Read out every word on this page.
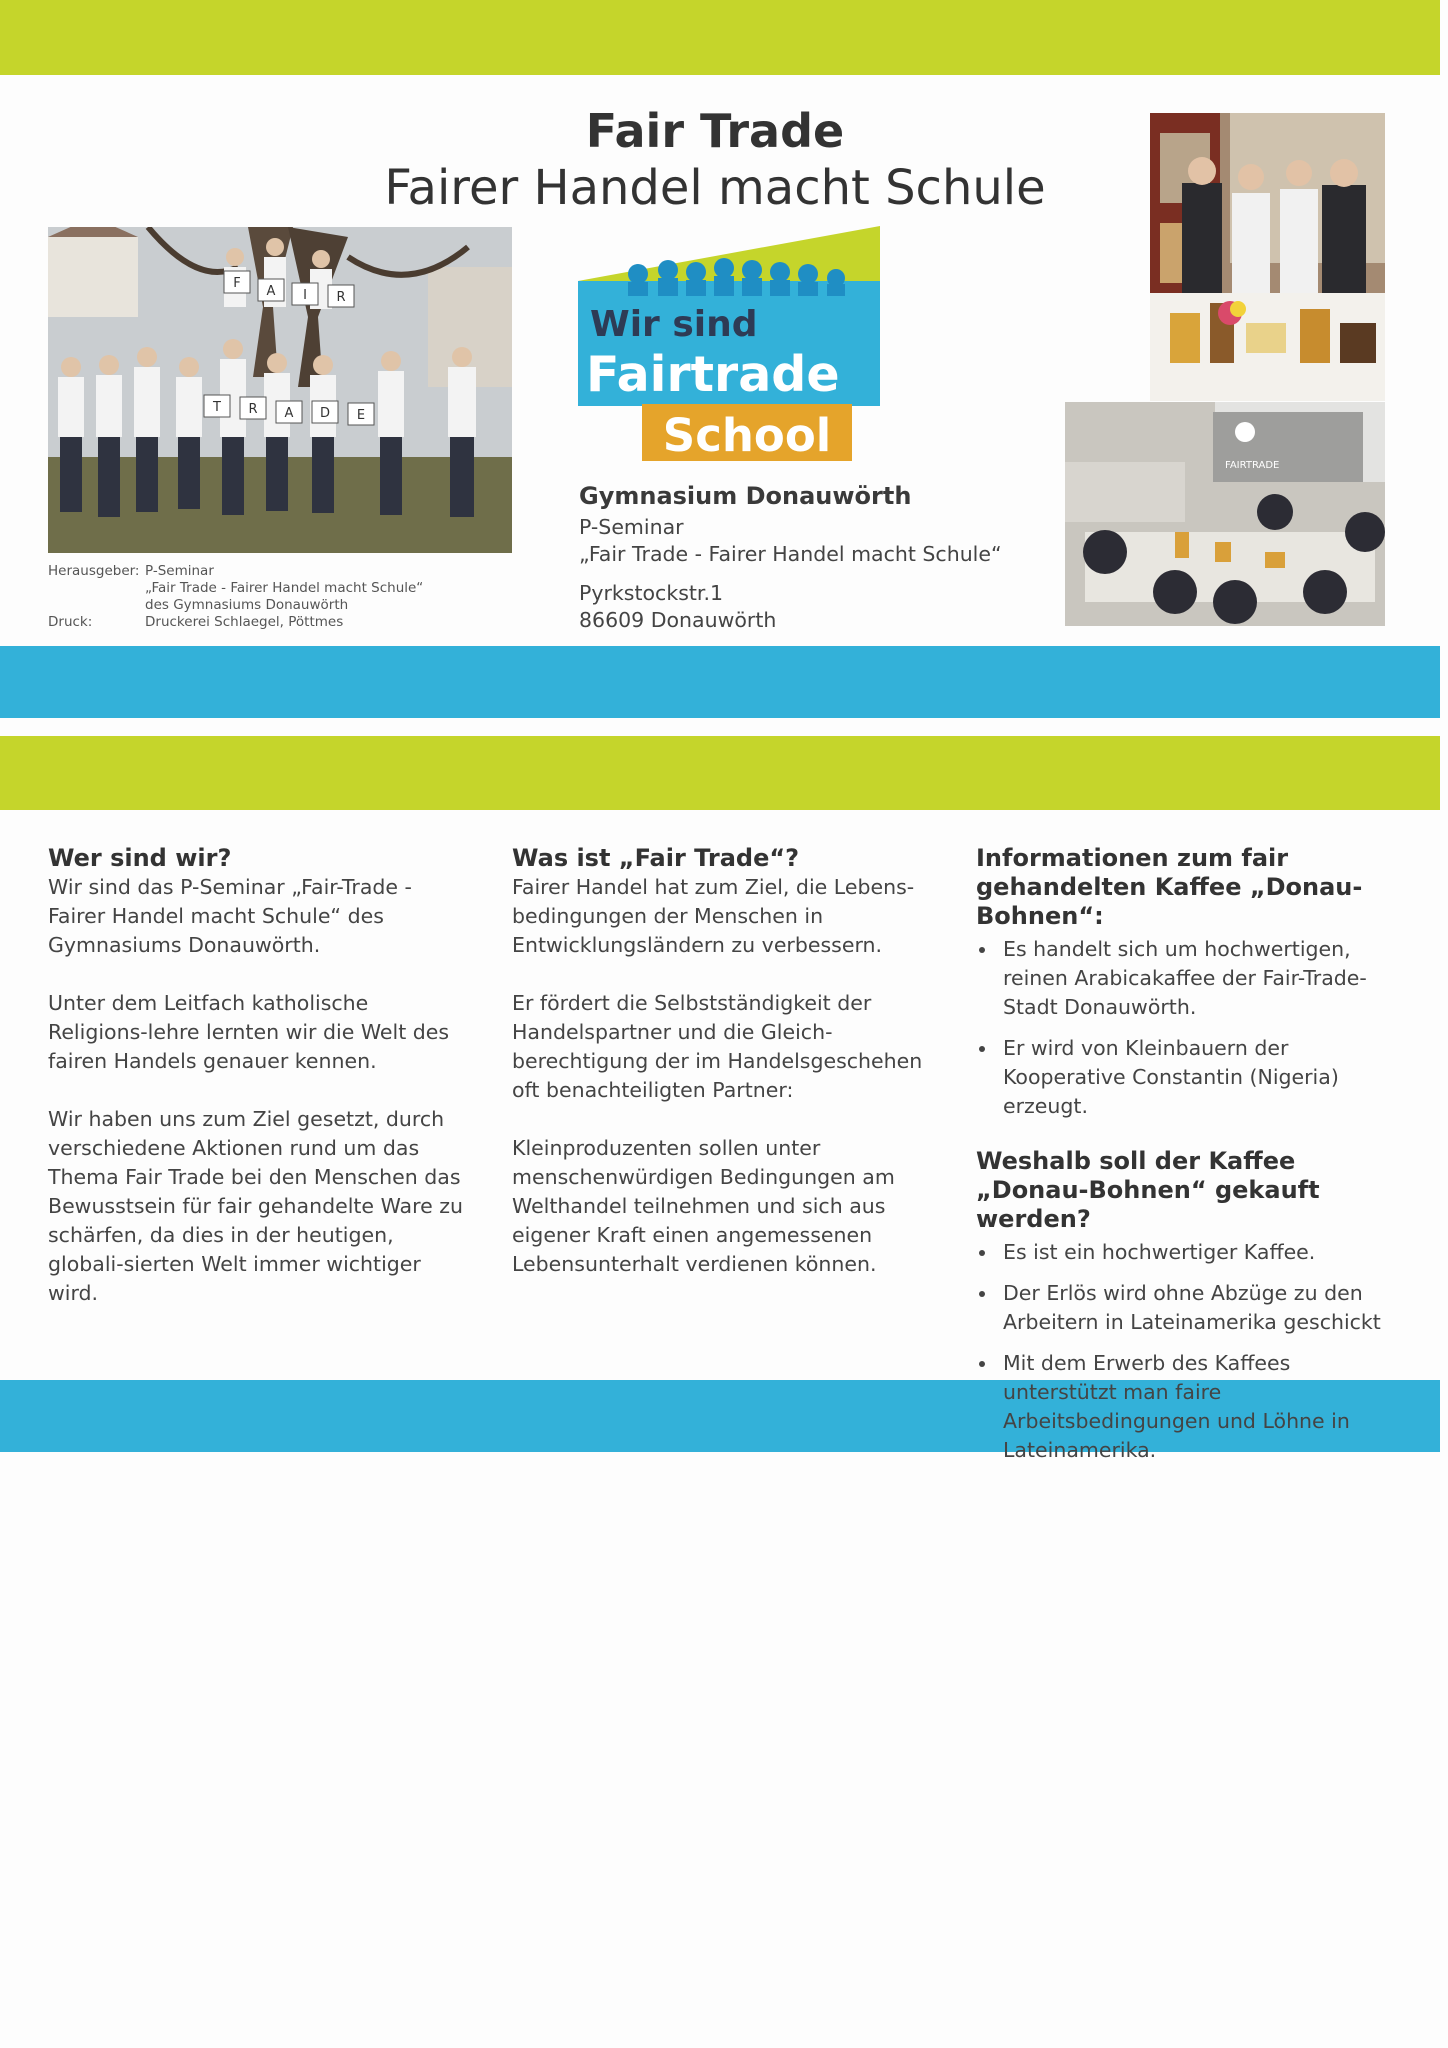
Fair Trade
Fairer Handel macht Schule
F
A I R
T R A D E
Herausgeber: P-Seminar
„Fair Trade - Fairer Handel macht Schule“
des Gymnasiums Donauwörth
Druck:	Druckerei Schlaegel, Pöttmes
Wir sind
Fairtrade
School
Gymnasium Donauwörth
P-Seminar
„Fair Trade - Fairer Handel macht Schule“
Pyrkstockstr.1
86609 Donauwörth
FAIRTRADE
Wer sind wir?

Wir sind das P-Seminar „Fair-Trade - Fairer Handel macht Schule“ des Gymnasiums Donauwörth.

Unter dem Leitfach katholische Religions-lehre lernten wir die Welt des fairen Handels genauer kennen.

Wir haben uns zum Ziel gesetzt, durch verschiedene Aktionen rund um das Thema Fair Trade bei den Menschen das Bewusstsein für fair gehandelte Ware zu schärfen, da dies in der heutigen, globali-sierten Welt immer wichtiger wird.

Was ist „Fair Trade“?

Fairer Handel hat zum Ziel, die Lebens-bedingungen der Menschen in Entwicklungsländern zu verbessern.

Er fördert die Selbstständigkeit der Handelspartner und die Gleich-berechtigung der im Handelsgeschehen oft benachteiligten Partner:

Kleinproduzenten sollen unter menschenwürdigen Bedingungen am Welthandel teilnehmen und sich aus eigener Kraft einen angemessenen Lebensunterhalt verdienen können.

Informationen zum fair gehandelten Kaffee „Donau-Bohnen“:
Es handelt sich um hochwertigen, reinen Arabicakaffee der Fair-Trade-Stadt Donauwörth.
Er wird von Kleinbauern der Kooperative Constantin (Nigeria) erzeugt.
Weshalb soll der Kaffee „Donau-Bohnen“ gekauft werden?
Es ist ein hochwertiger Kaffee.
Der Erlös wird ohne Abzüge zu den Arbeitern in Lateinamerika geschickt
Mit dem Erwerb des Kaffees unterstützt man faire Arbeitsbedingungen und Löhne in Lateinamerika.
